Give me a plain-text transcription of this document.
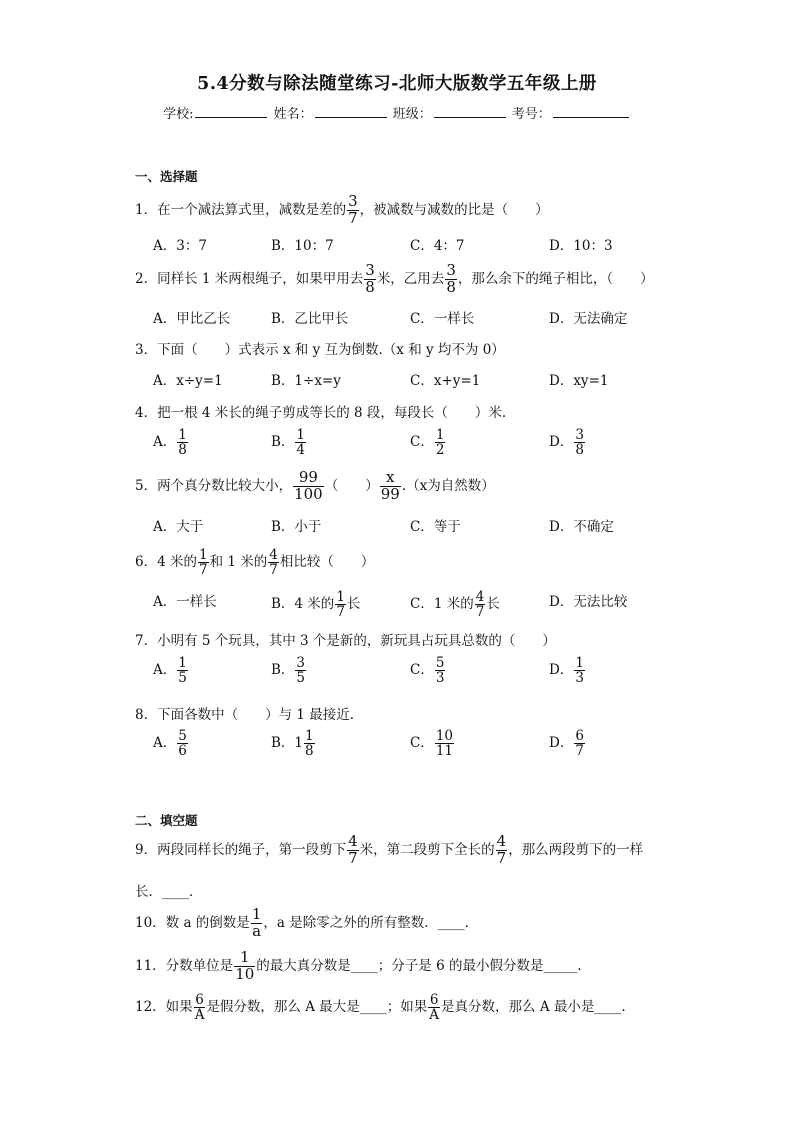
5.4分数与除法随堂练习-北师大版数学五年级上册
学校:	姓名：	班级：	考号：
一、选择题
1．在一个减法算式里，减数是差的 $\frac{3}{7}$ ，被减数与减数的比是（　　）
A．3：7	B．10：7	C．4：7	D．10：3
2．同样长 1 米两根绳子，如果甲用去 $\frac{3}{8}$ 米，乙用去 $\frac{3}{8}$ ，那么余下的绳子相比，（　　）
A．甲比乙长	B．乙比甲长	C．一样长	D．无法确定
3．下面（　　）式表示 x 和 y 互为倒数.（x 和 y 均不为 0）
A．x÷y=1	B．1÷x=y	C．x+y=1	D．xy=1
4．把一根 4 米长的绳子剪成等长的 8 段，每段长（　　）米.
A． $\frac{1}{8}$	B． $\frac{1}{4}$	C． $\frac{1}{2}$	D． $\frac{3}{8}$
5．两个真分数比较大小， $\frac{99}{100}$ （　　） $\frac{x}{99} .(x$为自然数）
A．大于	B．小于	C．等于	D．不确定
6．4 米的 $\frac{1}{7}$ 和 1 米的 $\frac{4}{7}$ 相比较（　　）
A．一样长	B．4 米的 $\frac{1}{7}$ 长	C．1 米的 $\frac{4}{7}$ 长	D．无法比较
7．小明有 5 个玩具，其中 3 个是新的，新玩具占玩具总数的（　　）
A． $\frac{1}{5}$	B． $\frac{3}{5}$	C． $\frac{5}{3}$	D． $\frac{1}{3}$
8．下面各数中（　　）与 1 最接近.
A． $\frac{5}{6}$	B．$1 \frac{1}{8}$	C． $\frac{10}{11}$	D． $\frac{6}{7}$
二、填空题
9．两段同样长的绳子，第一段剪下 $\frac{4}{7}$ 米，第二段剪下全长的 $\frac{4}{7}$ ，那么两段剪下的一样
长．____．
10．数 a 的倒数是 $\frac{1}{a}$ ，a 是除零之外的所有整数．____．
11．分数单位是 $\frac{1}{10}$ 的最大真分数是____；分子是 6 的最小假分数是_____.
12．如果 $\frac{6}{A}$ 是假分数，那么 A 最大是____；如果 $\frac{6}{A}$ 是真分数，那么 A 最小是____.
